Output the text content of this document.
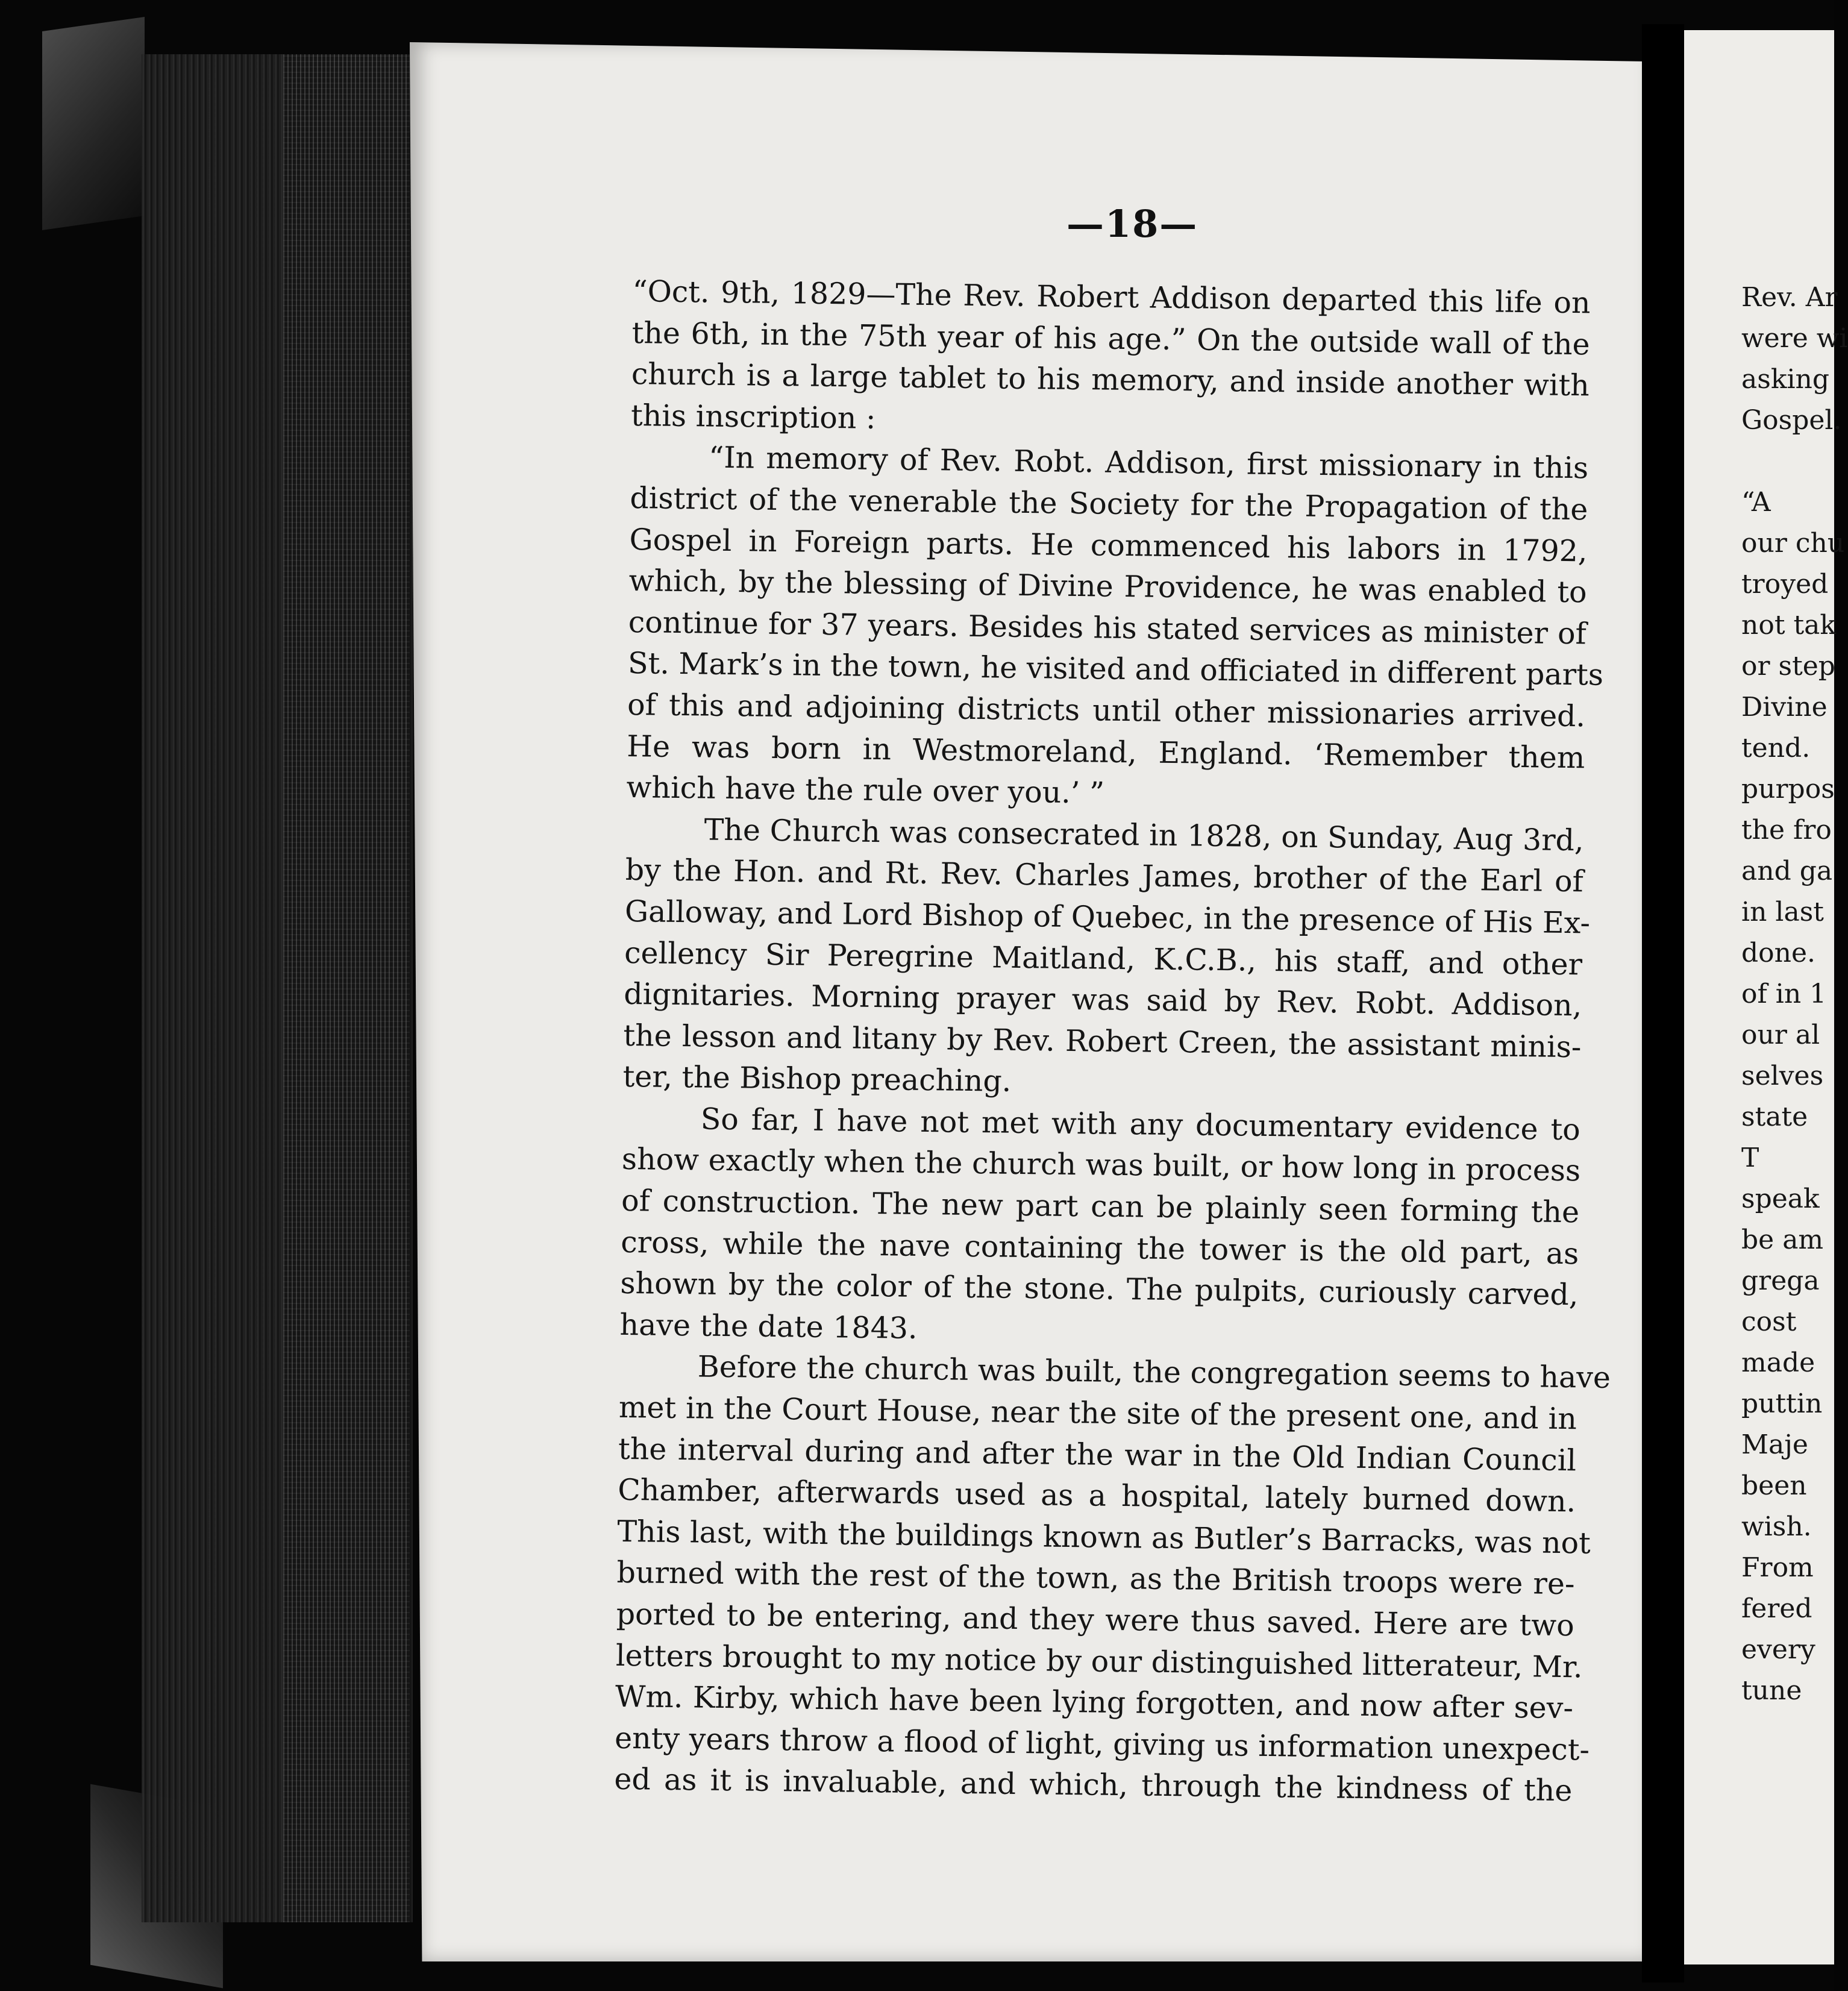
—18—
“Oct. 9th, 1829—The Rev. Robert Addison departed this life on
the 6th, in the 75th year of his age.” On the outside wall of the
church is a large tablet to his memory, and inside another with
this inscription :
“In memory of Rev. Robt. Addison, first missionary in this
district of the venerable the Society for the Propagation of the
Gospel in Foreign parts. He commenced his labors in 1792,
which, by the blessing of Divine Providence, he was enabled to
continue for 37 years. Besides his stated services as minister of
St. Mark’s in the town, he visited and officiated in different parts
of this and adjoining districts until other missionaries arrived.
He was born in Westmoreland, England. ‘Remember them
which have the rule over you.’ ”
The Church was consecrated in 1828, on Sunday, Aug 3rd,
by the Hon. and Rt. Rev. Charles James, brother of the Earl of
Galloway, and Lord Bishop of Quebec, in the presence of His Ex-
cellency Sir Peregrine Maitland, K.C.B., his staff, and other
dignitaries. Morning prayer was said by Rev. Robt. Addison,
the lesson and litany by Rev. Robert Creen, the assistant minis-
ter, the Bishop preaching.
So far, I have not met with any documentary evidence to
show exactly when the church was built, or how long in process
of construction. The new part can be plainly seen forming the
cross, while the nave containing the tower is the old part, as
shown by the color of the stone. The pulpits, curiously carved,
have the date 1843.
Before the church was built, the congregation seems to have
met in the Court House, near the site of the present one, and in
the interval during and after the war in the Old Indian Council
Chamber, afterwards used as a hospital, lately burned down.
This last, with the buildings known as Butler’s Barracks, was not
burned with the rest of the town, as the British troops were re-
ported to be entering, and they were thus saved. Here are two
letters brought to my notice by our distinguished litterateur, Mr.
Wm. Kirby, which have been lying forgotten, and now after sev-
enty years throw a flood of light, giving us information unexpect-
ed as it is invaluable, and which, through the kindness of the
Rev. Ar
were wi
asking
Gospel.

“A
our chu
troyed
not tak
or step
Divine
tend.
purpos
the fro
and ga
in last
done.
of in 1
our al
selves
state
T
speak
be am
grega
cost
made
puttin
Maje
been
wish.
From
fered
every
tune
